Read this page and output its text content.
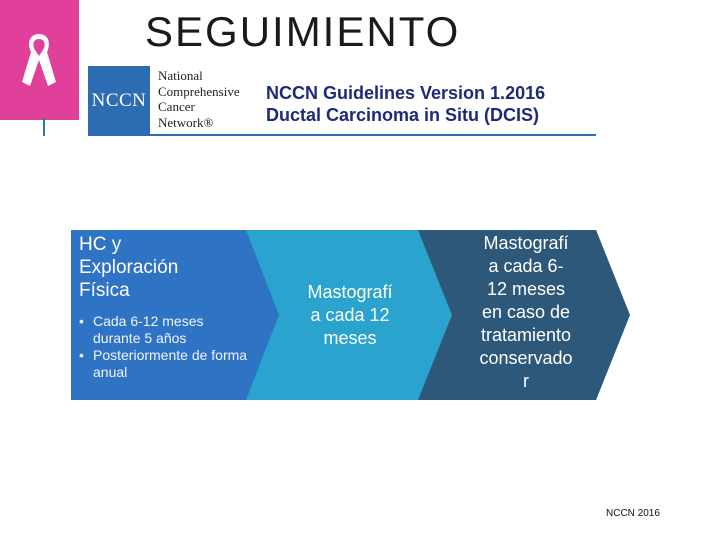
SEGUIMIENTO
NCCN
National
Comprehensive
Cancer
Network®
NCCN Guidelines Version 1.2016
Ductal Carcinoma in Situ (DCIS)
HC y
Exploración
Física
• Cada 6-12 meses durante 5 años
• Posteriormente de forma anual
Mastografí
a cada 12
meses
Mastografí
a cada 6-
12 meses
en caso de
tratamiento
conservado
r
NCCN 2016
